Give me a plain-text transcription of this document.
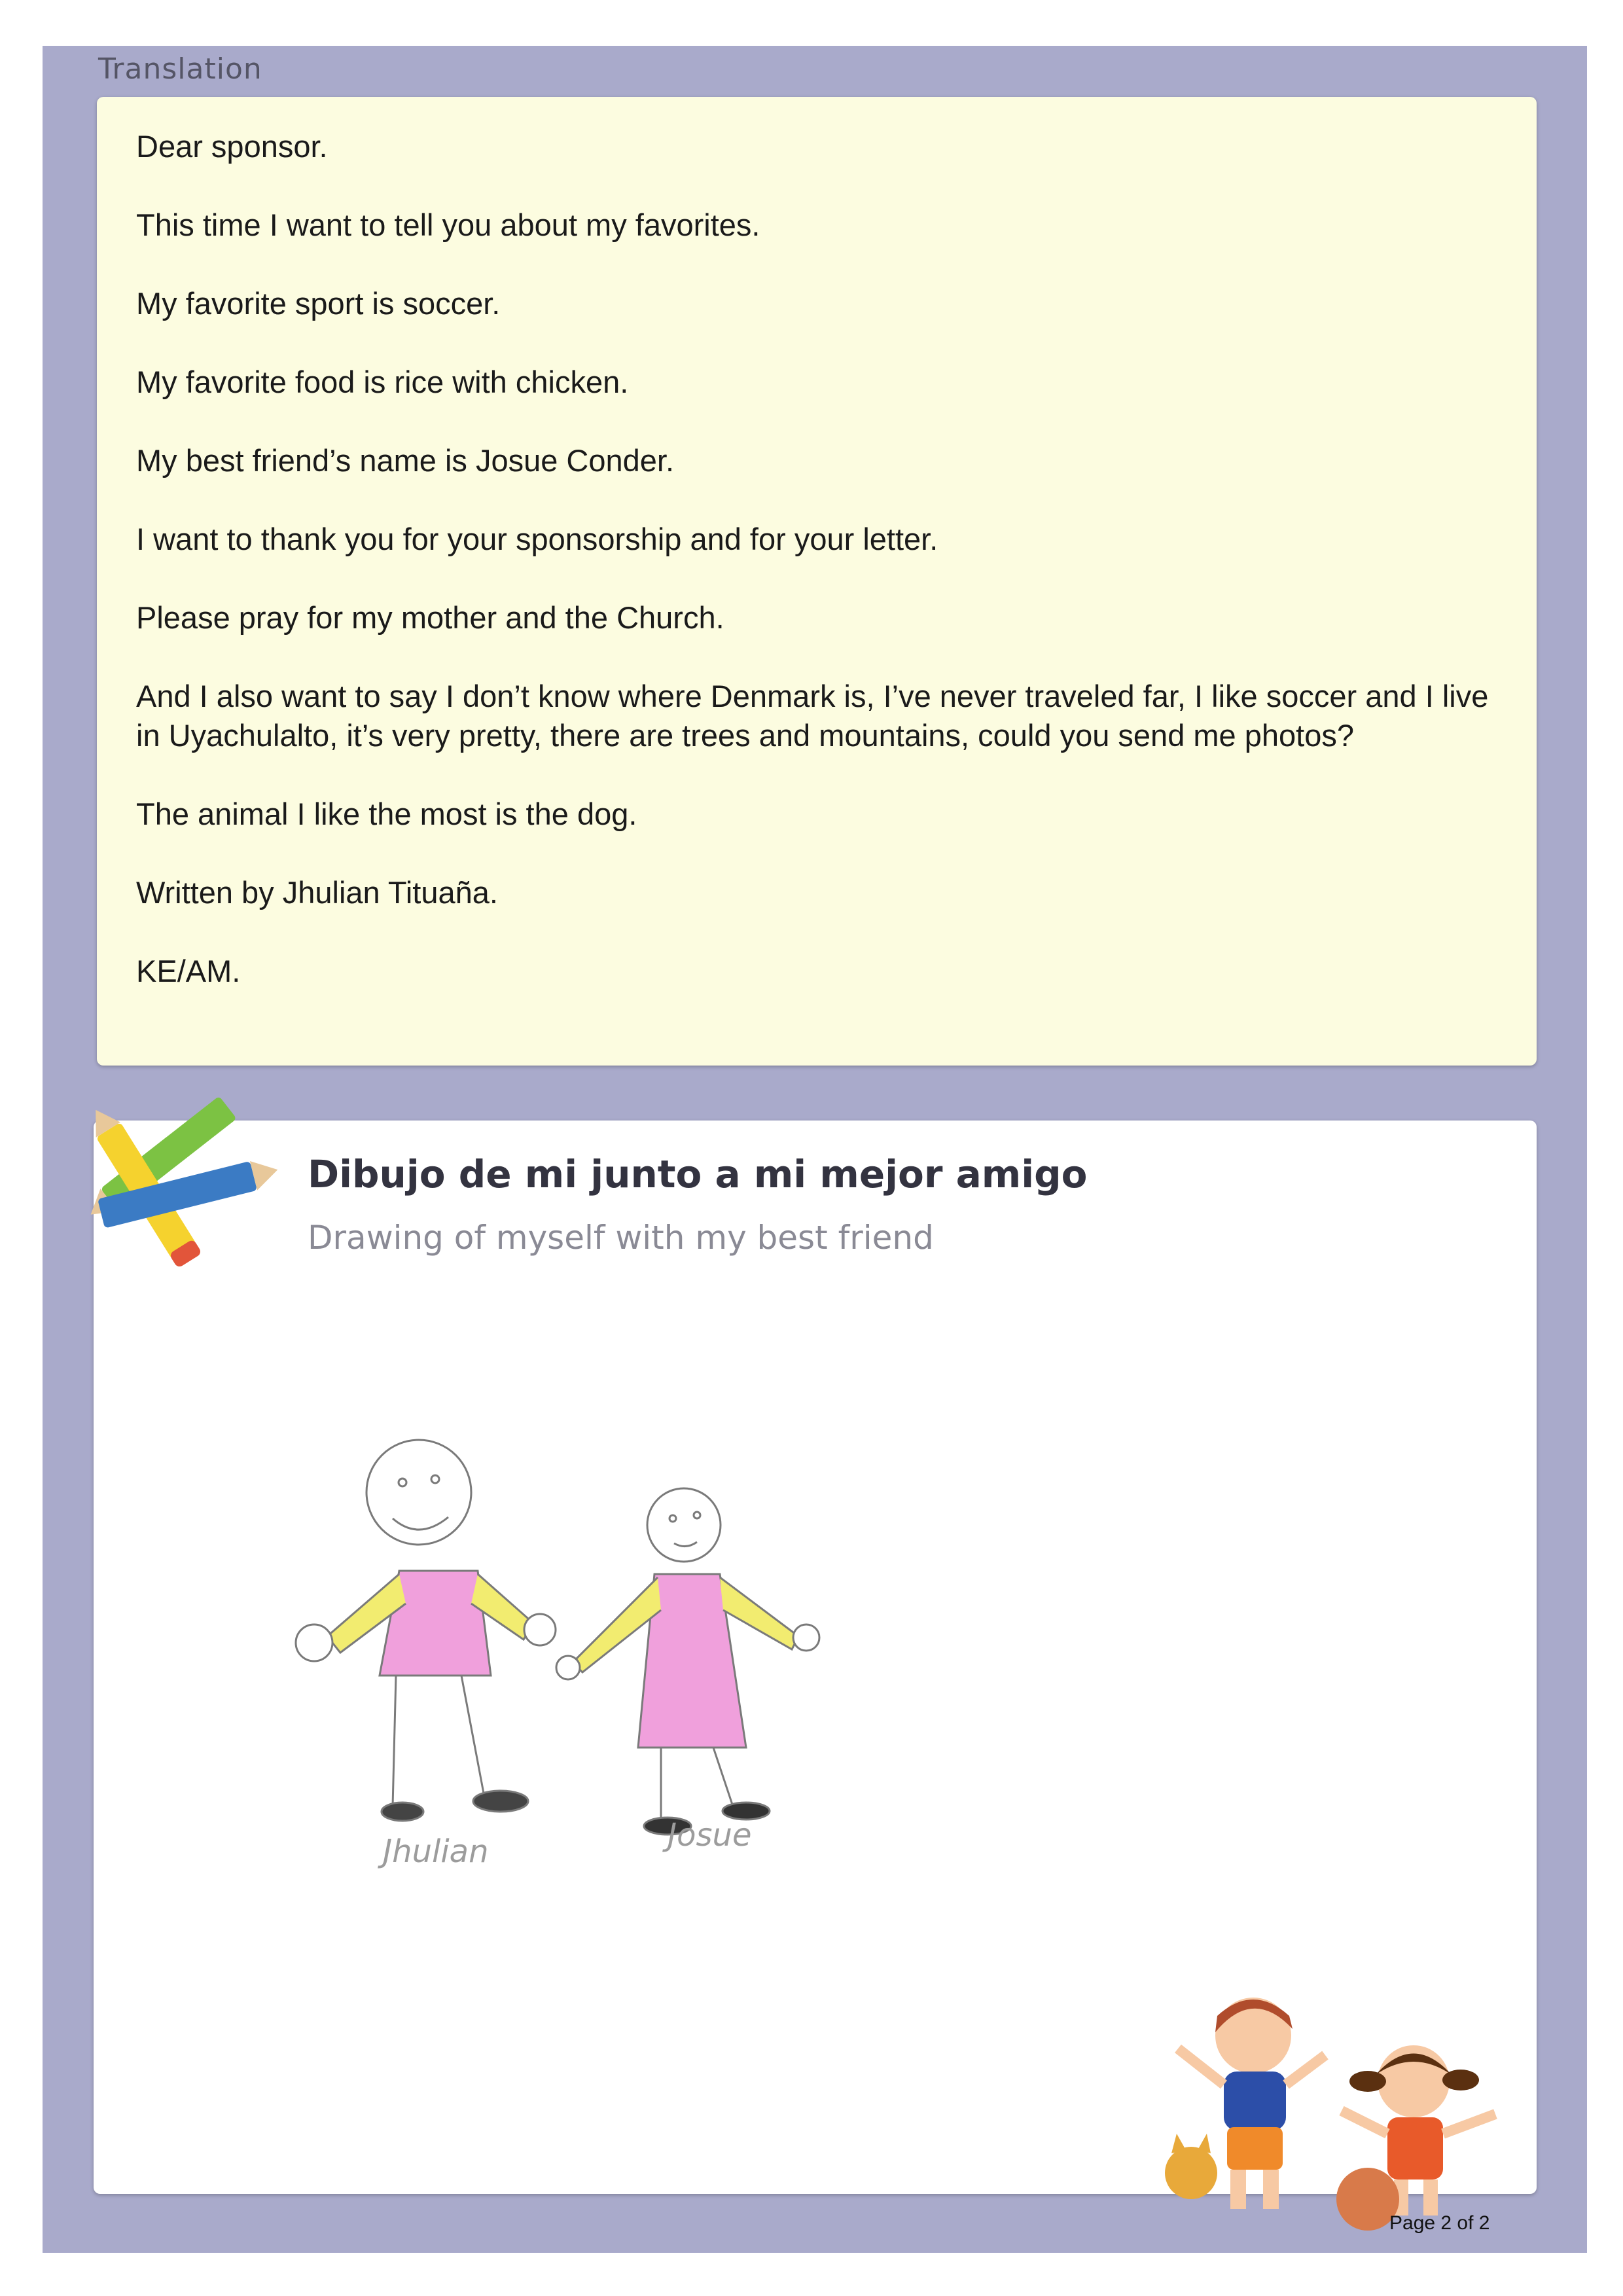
Translation
Dear sponsor.
This time I want to tell you about my favorites.
My favorite sport is soccer.
My favorite food is rice with chicken.
My best friend’s name is Josue Conder.
I want to thank you for your sponsorship and for your letter.
Please pray for my mother and the Church.
And I also want to say I don’t know where Denmark is, I’ve never traveled far, I like soccer and I live in Uyachulalto, it’s very pretty, there are trees and mountains, could you send me photos?
The animal I like the most is the dog.
Written by Jhulian Tituaña.
KE/AM.
Dibujo de mi junto a mi mejor amigo
Drawing of myself with my best friend
Jhulian	Josue
Page 2 of 2
